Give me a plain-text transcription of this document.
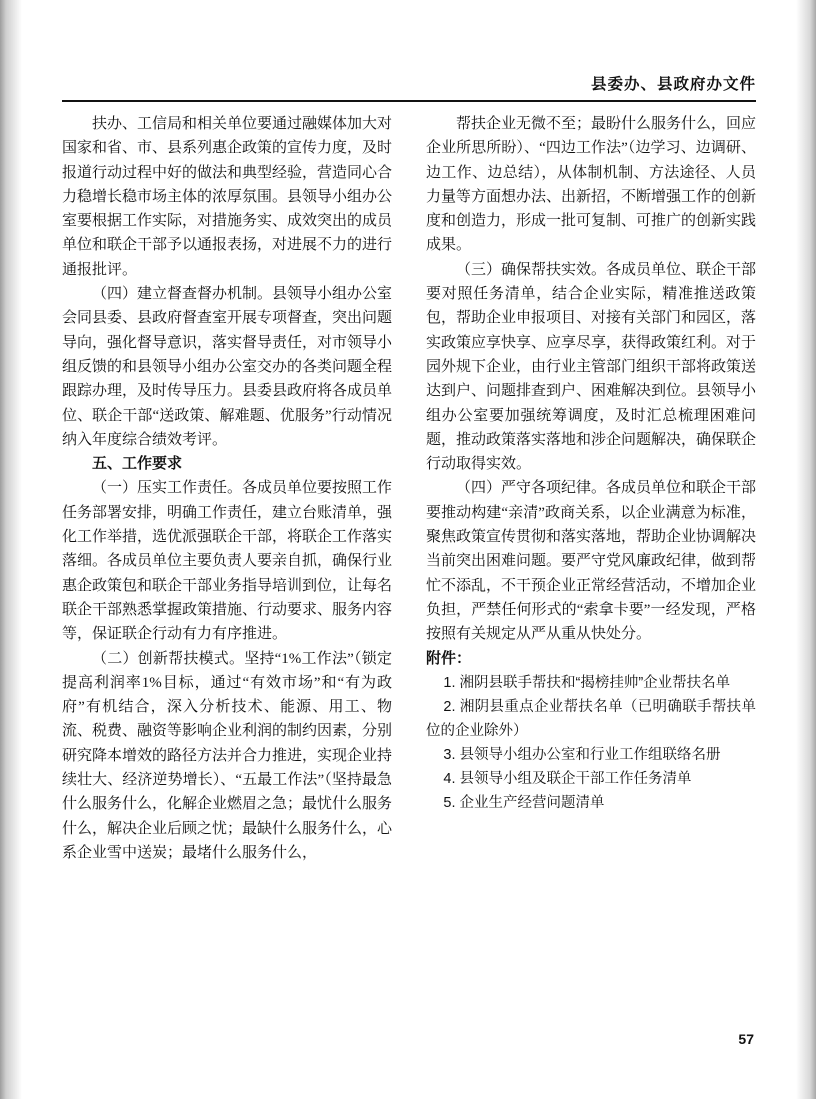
县委办、县政府办文件

扶办、工信局和相关单位要通过融媒体加大对国家和省、市、县系列惠企政策的宣传力度，及时报道行动过程中好的做法和典型经验，营造同心合力稳增长稳市场主体的浓厚氛围。县领导小组办公室要根据工作实际，对措施务实、成效突出的成员单位和联企干部予以通报表扬，对进展不力的进行通报批评。

（四）建立督查督办机制。县领导小组办公室会同县委、县政府督查室开展专项督查，突出问题导向，强化督导意识，落实督导责任，对市领导小组反馈的和县领导小组办公室交办的各类问题全程跟踪办理，及时传导压力。县委县政府将各成员单位、联企干部“送政策、解难题、优服务”行动情况纳入年度综合绩效考评。

五、工作要求

（一）压实工作责任。各成员单位要按照工作任务部署安排，明确工作责任，建立台账清单，强化工作举措，选优派强联企干部，将联企工作落实落细。各成员单位主要负责人要亲自抓，确保行业惠企政策包和联企干部业务指导培训到位，让每名联企干部熟悉掌握政策措施、行动要求、服务内容等，保证联企行动有力有序推进。

（二）创新帮扶模式。坚持“1%工作法”（锁定提高利润率1%目标，通过“有效市场”和“有为政府”有机结合，深入分析技术、能源、用工、物流、税费、融资等影响企业利润的制约因素，分别研究降本增效的路径方法并合力推进，实现企业持续壮大、经济逆势增长）、“五最工作法”（坚持最急什么服务什么，化解企业燃眉之急；最忧什么服务什么，解决企业后顾之忧；最缺什么服务什么，心系企业雪中送炭；最堵什么服务什么，

帮扶企业无微不至；最盼什么服务什么，回应企业所思所盼）、“四边工作法”（边学习、边调研、边工作、边总结），从体制机制、方法途径、人员力量等方面想办法、出新招，不断增强工作的创新度和创造力，形成一批可复制、可推广的创新实践成果。

（三）确保帮扶实效。各成员单位、联企干部要对照任务清单，结合企业实际，精准推送政策包，帮助企业申报项目、对接有关部门和园区，落实政策应享快享、应享尽享，获得政策红利。对于园外规下企业，由行业主管部门组织干部将政策送达到户、问题排查到户、困难解决到位。县领导小组办公室要加强统筹调度，及时汇总梳理困难问题，推动政策落实落地和涉企问题解决，确保联企行动取得实效。

（四）严守各项纪律。各成员单位和联企干部要推动构建“亲清”政商关系，以企业满意为标准，聚焦政策宣传贯彻和落实落地，帮助企业协调解决当前突出困难问题。要严守党风廉政纪律，做到帮忙不添乱，不干预企业正常经营活动，不增加企业负担，严禁任何形式的“索拿卡要”一经发现，严格按照有关规定从严从重从快处分。

附件：

1. 湘阴县联手帮扶和“揭榜挂帅”企业帮扶名单

2. 湘阴县重点企业帮扶名单（已明确联手帮扶单位的企业除外）

3. 县领导小组办公室和行业工作组联络名册

4. 县领导小组及联企干部工作任务清单

5. 企业生产经营问题清单

57
